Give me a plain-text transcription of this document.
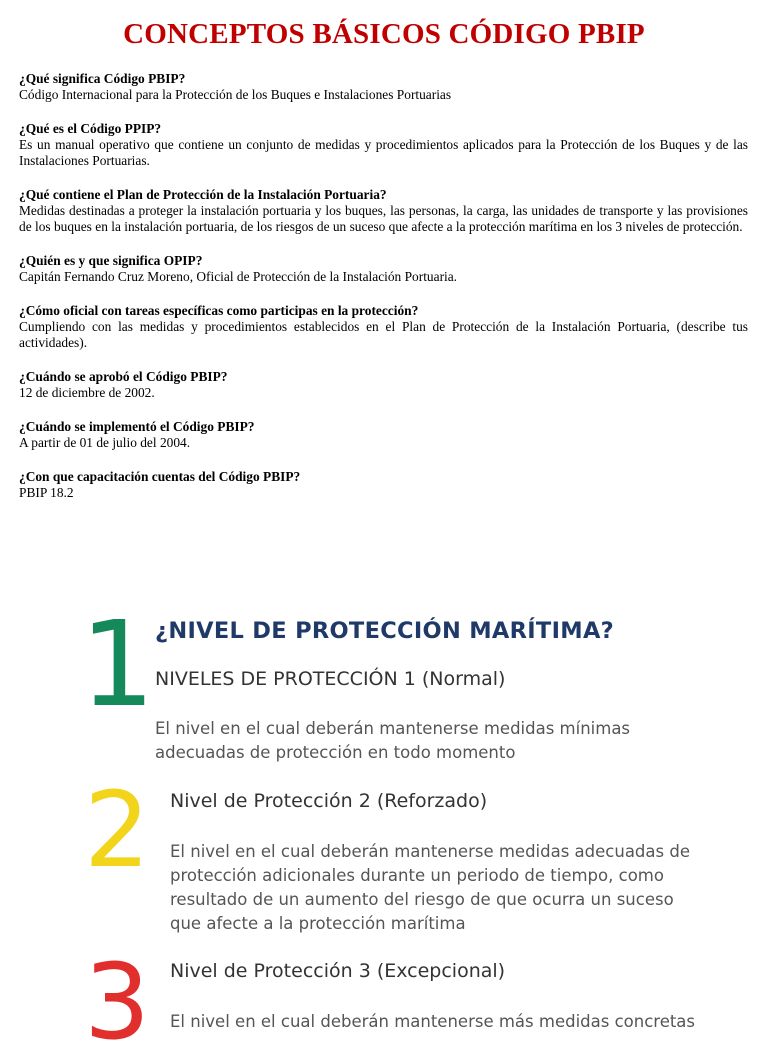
CONCEPTOS BÁSICOS CÓDIGO PBIP
¿Qué significa Código PBIP?
Código Internacional para la Protección de los Buques e Instalaciones Portuarias
¿Qué es el Código PPIP?
Es un manual operativo que contiene un conjunto de medidas y procedimientos aplicados para la Protección de los Buques y de las Instalaciones Portuarias.
¿Qué contiene el Plan de Protección de la Instalación Portuaria?
Medidas destinadas a proteger la instalación portuaria y los buques, las personas, la carga, las unidades de transporte y las provisiones de los buques en la instalación portuaria, de los riesgos de un suceso que afecte a la protección marítima en los 3 niveles de protección.
¿Quién es y que significa OPIP?
Capitán Fernando Cruz Moreno, Oficial de Protección de la Instalación Portuaria.
¿Cómo oficial con tareas específicas como participas en la protección?
Cumpliendo con las medidas y procedimientos establecidos en el Plan de Protección de la Instalación Portuaria, (describe tus actividades).
¿Cuándo se aprobó el Código PBIP?
12 de diciembre de 2002.
¿Cuándo se implementó el Código PBIP?
A partir de 01 de julio del 2004.
¿Con que capacitación cuentas del Código PBIP?
PBIP 18.2
¿NIVEL DE PROTECCIÓN MARÍTIMA?
1 NIVELES DE PROTECCIÓN 1 (Normal)

El nivel en el cual deberán mantenerse medidas mínimas adecuadas de protección en todo momento

2 Nivel de Protección 2 (Reforzado)

El nivel en el cual deberán mantenerse medidas adecuadas de protección adicionales durante un periodo de tiempo, como resultado de un aumento del riesgo de que ocurra un suceso que afecte a la protección marítima

3 Nivel de Protección 3 (Excepcional)

El nivel en el cual deberán mantenerse más medidas concretas
